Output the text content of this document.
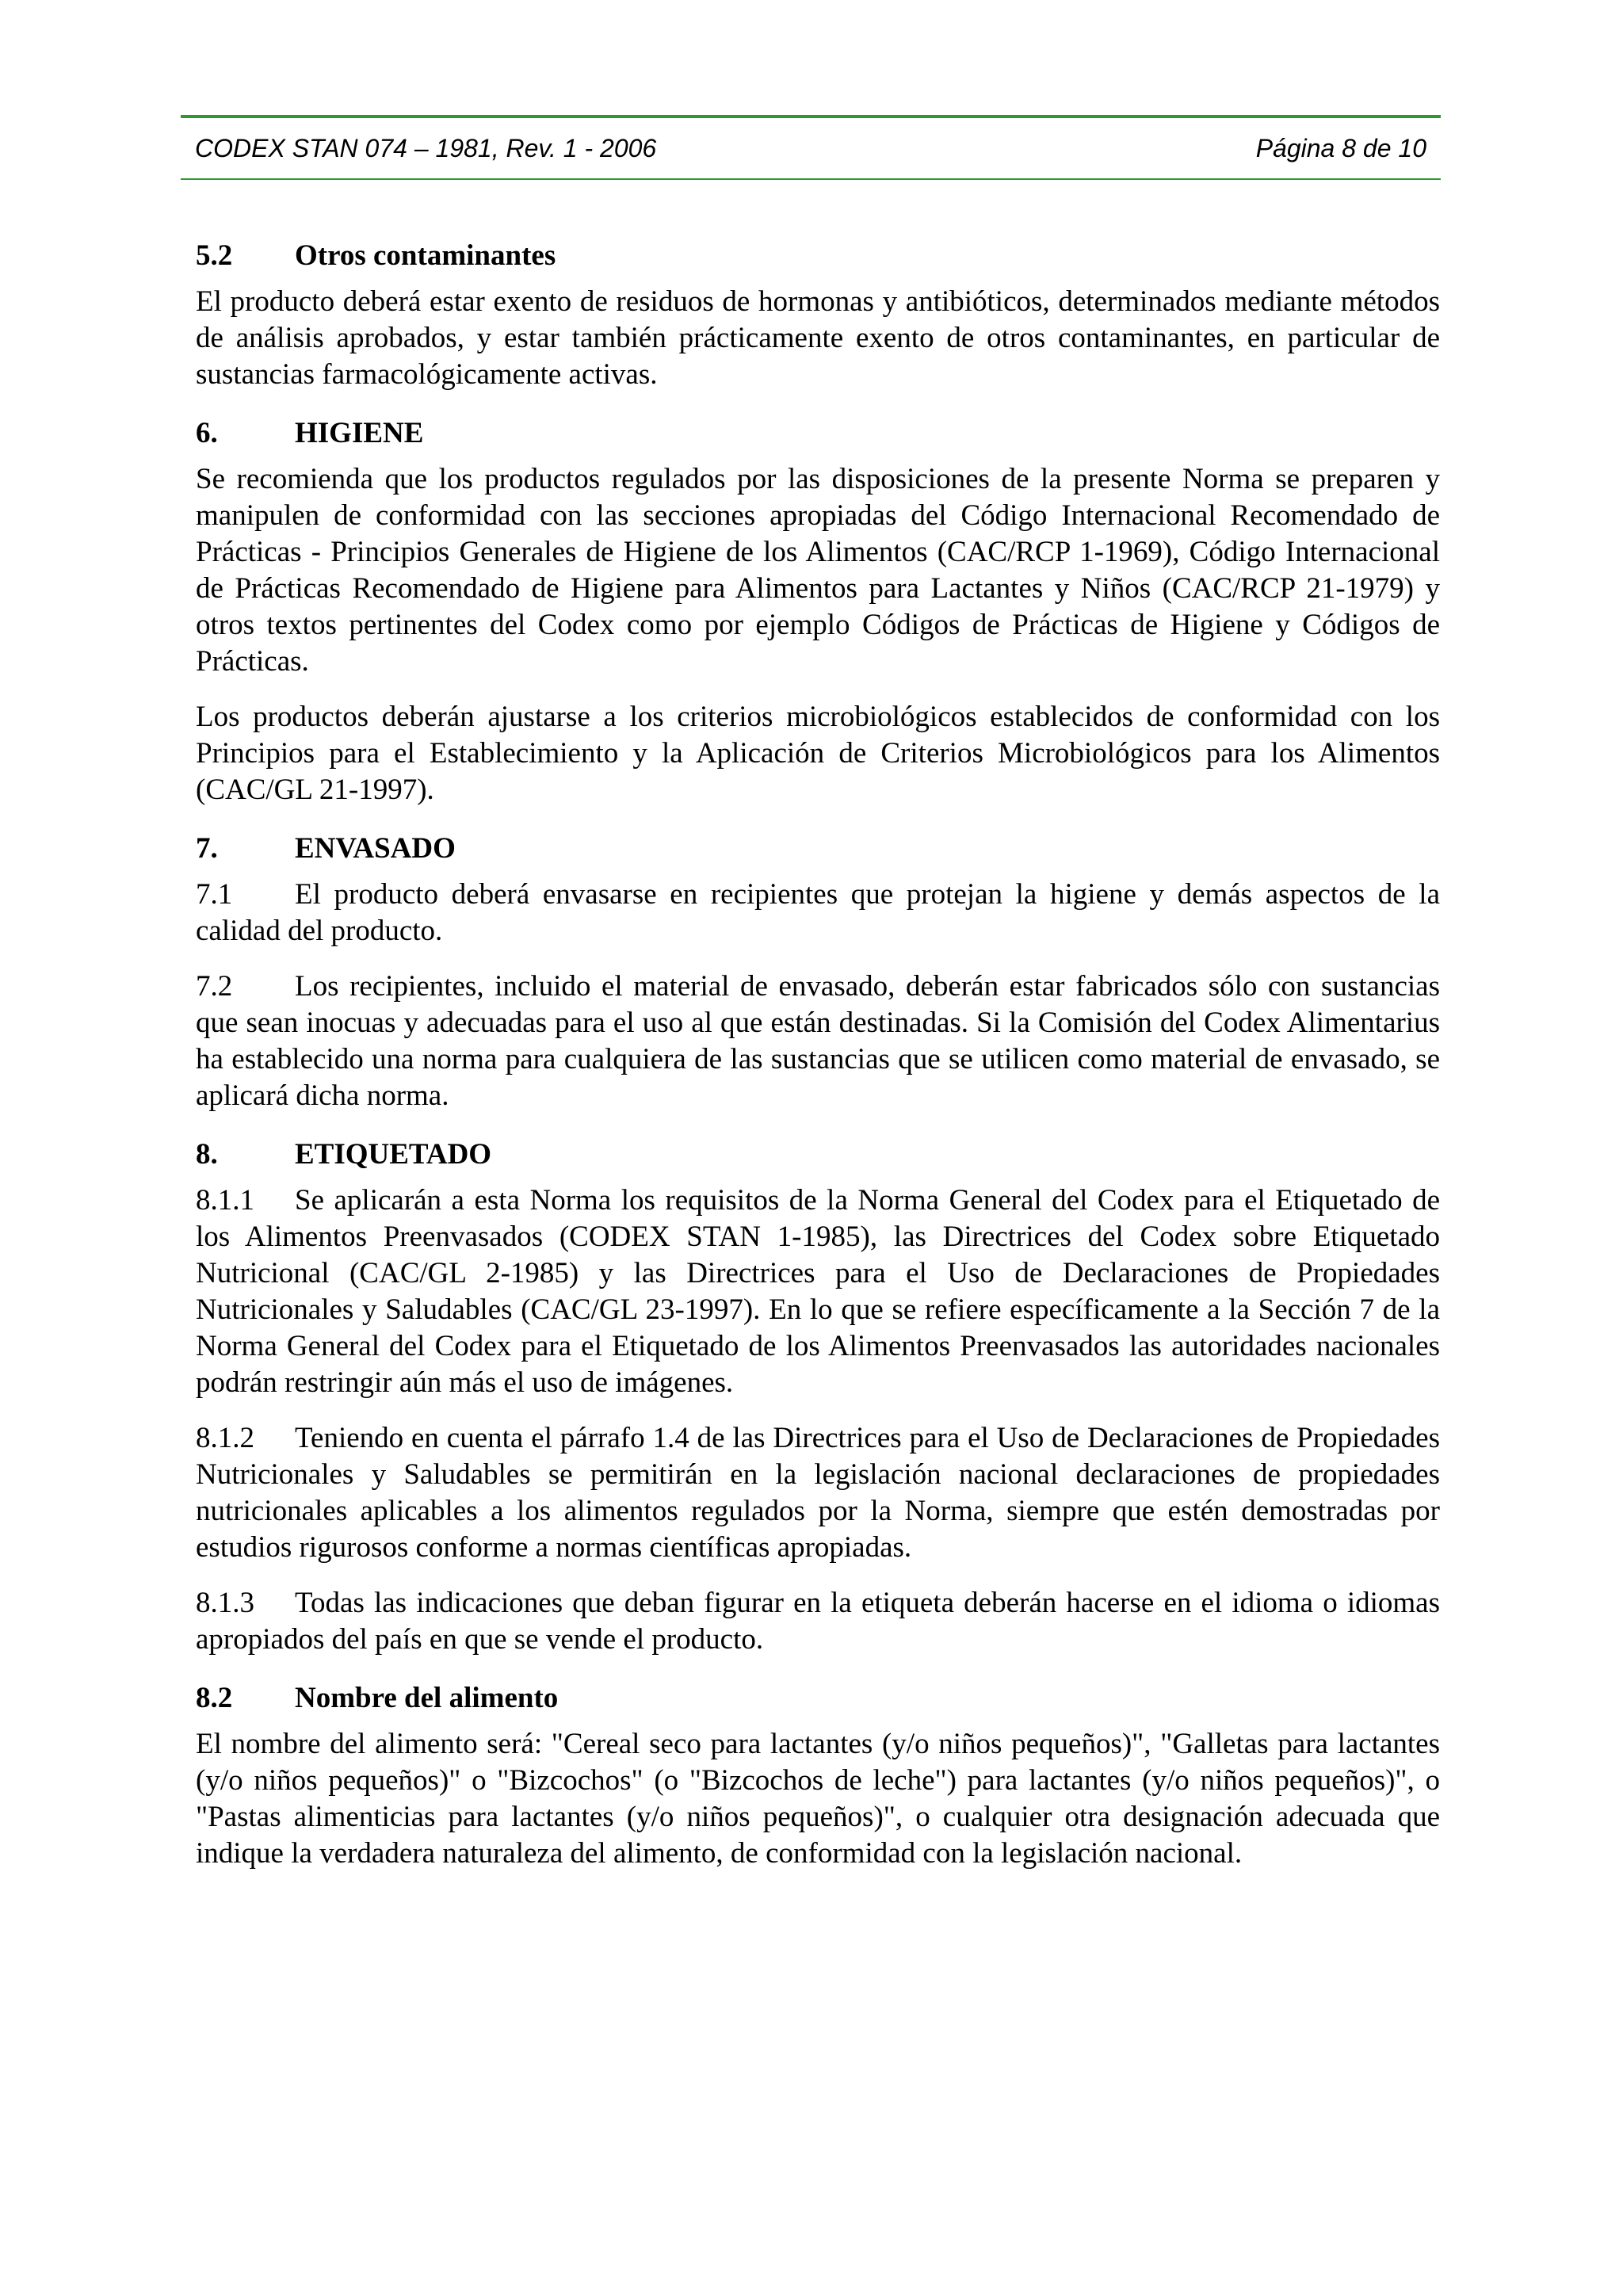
CODEX STAN 074 – 1981, Rev. 1 - 2006	Página 8 de 10
5.2 Otros contaminantes

El producto deberá estar exento de residuos de hormonas y antibióticos, determinados mediante métodos de análisis aprobados, y estar también prácticamente exento de otros contaminantes, en particular de sustancias farmacológicamente activas.

6.	HIGIENE

Se recomienda que los productos regulados por las disposiciones de la presente Norma se preparen y manipulen de conformidad con las secciones apropiadas del Código Internacional Recomendado de Prácticas - Principios Generales de Higiene de los Alimentos (CAC/RCP 1-1969), Código Internacional de Prácticas Recomendado de Higiene para Alimentos para Lactantes y Niños (CAC/RCP 21-1979) y otros textos pertinentes del Codex como por ejemplo Códigos de Prácticas de Higiene y Códigos de Prácticas.

Los productos deberán ajustarse a los criterios microbiológicos establecidos de conformidad con los Principios para el Establecimiento y la Aplicación de Criterios Microbiológicos para los Alimentos (CAC/GL 21-1997).

7.	ENVASADO

7.1 El producto deberá envasarse en recipientes que protejan la higiene y demás aspectos de la calidad del producto.

7.2 Los recipientes, incluido el material de envasado, deberán estar fabricados sólo con sustancias que sean inocuas y adecuadas para el uso al que están destinadas. Si la Comisión del Codex Alimentarius ha establecido una norma para cualquiera de las sustancias que se utilicen como material de envasado, se aplicará dicha norma.

8.	ETIQUETADO

8.1.1 Se aplicarán a esta Norma los requisitos de la Norma General del Codex para el Etiquetado de los Alimentos Preenvasados (CODEX STAN 1-1985), las Directrices del Codex sobre Etiquetado Nutricional (CAC/GL 2-1985) y las Directrices para el Uso de Declaraciones de Propiedades Nutricionales y Saludables (CAC/GL 23-1997). En lo que se refiere específicamente a la Sección 7 de la Norma General del Codex para el Etiquetado de los Alimentos Preenvasados las autoridades nacionales podrán restringir aún más el uso de imágenes.

8.1.2 Teniendo en cuenta el párrafo 1.4 de las Directrices para el Uso de Declaraciones de Propiedades Nutricionales y Saludables se permitirán en la legislación nacional declaraciones de propiedades nutricionales aplicables a los alimentos regulados por la Norma, siempre que estén demostradas por estudios rigurosos conforme a normas científicas apropiadas.

8.1.3 Todas las indicaciones que deban figurar en la etiqueta deberán hacerse en el idioma o idiomas apropiados del país en que se vende el producto.

8.2 Nombre del alimento

El nombre del alimento será: "Cereal seco para lactantes (y/o niños pequeños)", "Galletas para lactantes (y/o niños pequeños)" o "Bizcochos" (o "Bizcochos de leche") para lactantes (y/o niños pequeños)", o "Pastas alimenticias para lactantes (y/o niños pequeños)", o cualquier otra designación adecuada que indique la verdadera naturaleza del alimento, de conformidad con la legislación nacional.
